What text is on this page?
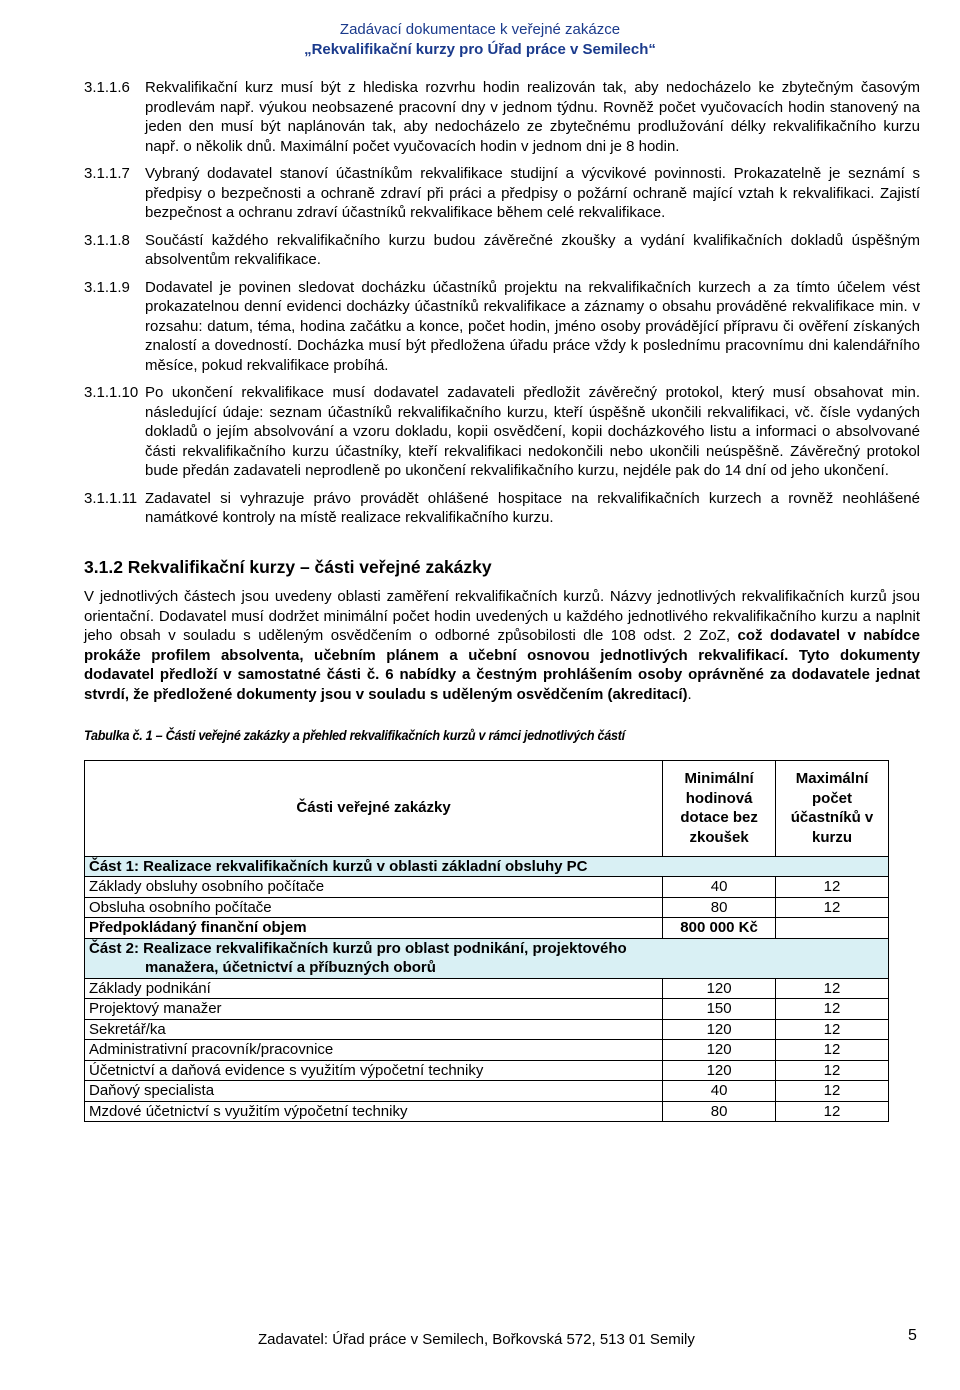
Zadávací dokumentace k veřejné zakázce
„Rekvalifikační kurzy pro Úřad práce v Semilech“
3.1.1.6	Rekvalifikační kurz musí být z hlediska rozvrhu hodin realizován tak, aby nedocházelo ke zbytečným časovým prodlevám např. výukou neobsazené pracovní dny v jednom týdnu. Rovněž počet vyučovacích hodin stanovený na jeden den musí být naplánován tak, aby nedocházelo ze zbytečnému prodlužování délky rekvalifikačního kurzu např. o několik dnů. Maximální počet vyučovacích hodin v jednom dni je 8 hodin.
3.1.1.7	Vybraný dodavatel stanoví účastníkům rekvalifikace studijní a výcvikové povinnosti. Prokazatelně je seznámí s předpisy o bezpečnosti a ochraně zdraví při práci a předpisy o požární ochraně mající vztah k rekvalifikaci. Zajistí bezpečnost a ochranu zdraví účastníků rekvalifikace během celé rekvalifikace.
3.1.1.8	Součástí každého rekvalifikačního kurzu budou závěrečné zkoušky a vydání kvalifikačních dokladů úspěšným absolventům rekvalifikace.
3.1.1.9	Dodavatel je povinen sledovat docházku účastníků projektu na rekvalifikačních kurzech a za tímto účelem vést prokazatelnou denní evidenci docházky účastníků rekvalifikace a záznamy o obsahu prováděné rekvalifikace min. v rozsahu: datum, téma, hodina začátku a konce, počet hodin, jméno osoby provádějící přípravu či ověření získaných znalostí a dovedností. Docházka musí být předložena úřadu práce vždy k poslednímu pracovnímu dni kalendářního měsíce, pokud rekvalifikace probíhá.
3.1.1.10 Po ukončení rekvalifikace musí dodavatel zadavateli předložit závěrečný protokol, který musí obsahovat min. následující údaje: seznam účastníků rekvalifikačního kurzu, kteří úspěšně ukončili rekvalifikaci, vč. čísle vydaných dokladů o jejím absolvování a vzoru dokladu, kopii osvědčení, kopii docházkového listu a informaci o absolvované části rekvalifikačního kurzu účastníky, kteří rekvalifikaci nedokončili nebo ukončili neúspěšně. Závěrečný protokol bude předán zadavateli neprodleně po ukončení rekvalifikačního kurzu, nejdéle pak do 14 dní od jeho ukončení.
3.1.1.11 Zadavatel si vyhrazuje právo provádět ohlášené hospitace na rekvalifikačních kurzech a rovněž neohlášené namátkové kontroly na místě realizace rekvalifikačního kurzu.
3.1.2 Rekvalifikační kurzy – části veřejné zakázky

V jednotlivých částech jsou uvedeny oblasti zaměření rekvalifikačních kurzů. Názvy jednotlivých rekvalifikačních kurzů jsou orientační. Dodavatel musí dodržet minimální počet hodin uvedených u každého jednotlivého rekvalifikačního kurzu a naplnit jeho obsah v souladu s uděleným osvědčením o odborné způsobilosti dle 108 odst. 2 ZoZ, což dodavatel v nabídce prokáže profilem absolventa, učebním plánem a učební osnovou jednotlivých rekvalifikací. Tyto dokumenty dodavatel předloží v samostatné části č. 6 nabídky a čestným prohlášením osoby oprávněné za dodavatele jednat stvrdí, že předložené dokumenty jsou v souladu s uděleným osvědčením (akreditací).

Tabulka č. 1 – Části veřejné zakázky a přehled rekvalifikačních kurzů v rámci jednotlivých částí
Části veřejné zakázky	Minimální hodinová dotace bez zkoušek	Maximální počet účastníků v kurzu
Část 1: Realizace rekvalifikačních kurzů v oblasti základní obsluhy PC		
Základy obsluhy osobního počítače	40	12
Obsluha osobního počítače	80	12
Předpokládaný finanční objem	800 000 Kč	

Část 2: Realizace rekvalifikačních kurzů pro oblast podnikání, projektového
manažera, účetnictví a příbuzných oborů		

Základy podnikání	120	12
Projektový manažer	150	12
Sekretář/ka	120	12
Administrativní pracovník/pracovnice	120	12
Účetnictví a daňová evidence s využitím výpočetní techniky	120	12
Daňový specialista	40	12
Mzdové účetnictví s využitím výpočetní techniky	80	12
Zadavatel: Úřad práce v Semilech, Bořkovská 572, 513 01 Semily	5
